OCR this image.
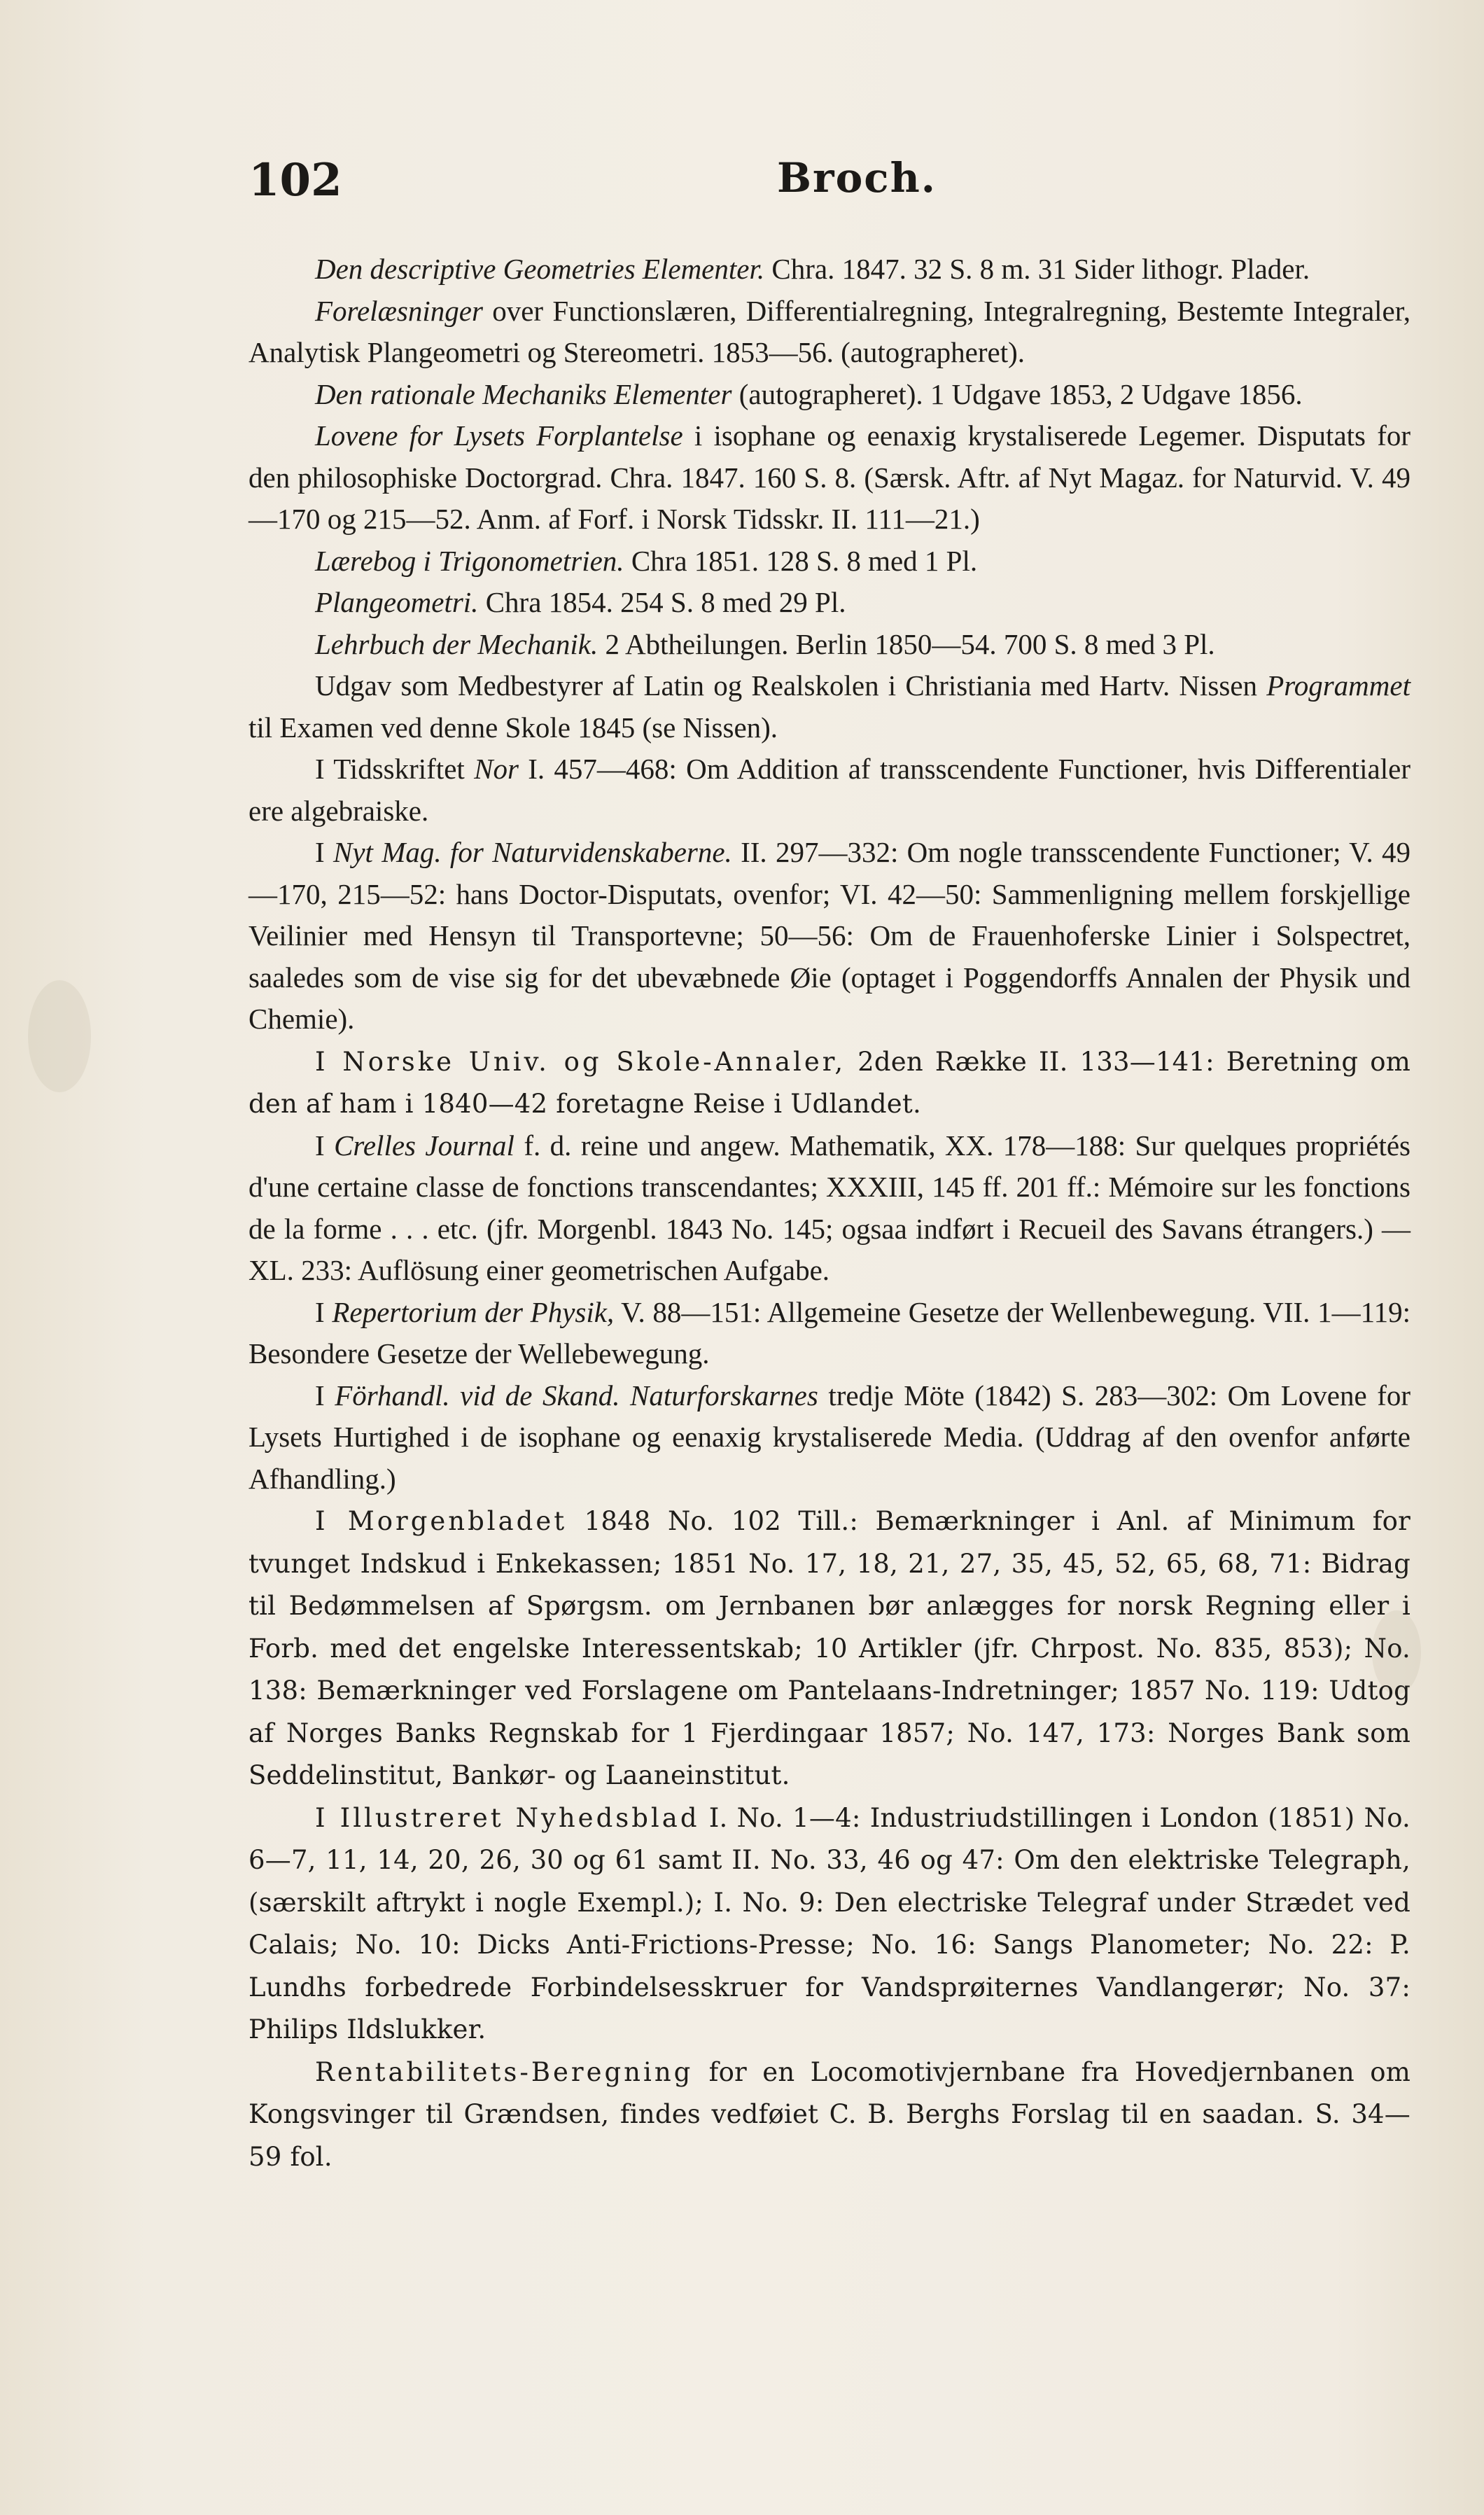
102	Broch.

Den descriptive Geometries Elementer. Chra. 1847. 32 S. 8 m. 31 Sider lithogr. Plader.

Forelæsninger over Functionslæren, Differentialregning, Integralregning, Bestemte Integraler, Analytisk Plangeometri og Stereometri. 1853—56. (autographeret).

Den rationale Mechaniks Elementer (autographeret). 1 Udgave 1853, 2 Udgave 1856.

Lovene for Lysets Forplantelse i isophane og eenaxig krystaliserede Legemer. Disputats for den philosophiske Doctorgrad. Chra. 1847. 160 S. 8. (Særsk. Aftr. af Nyt Magaz. for Naturvid. V. 49—170 og 215—52. Anm. af Forf. i Norsk Tidsskr. II. 111—21.)

Lærebog i Trigonometrien. Chra 1851. 128 S. 8 med 1 Pl.

Plangeometri. Chra 1854. 254 S. 8 med 29 Pl.

Lehrbuch der Mechanik. 2 Abtheilungen. Berlin 1850—54. 700 S. 8 med 3 Pl.

Udgav som Medbestyrer af Latin og Realskolen i Christiania med Hartv. Nissen Programmet til Examen ved denne Skole 1845 (se Nissen).

I Tidsskriftet Nor I. 457—468: Om Addition af transscendente Functioner, hvis Differentialer ere algebraiske.

I Nyt Mag. for Naturvidenskaberne. II. 297—332: Om nogle transscendente Functioner; V. 49—170, 215—52: hans Doctor-Disputats, ovenfor; VI. 42—50: Sammenligning mellem forskjellige Veilinier med Hensyn til Transportevne; 50—56: Om de Frauenhoferske Linier i Solspectret, saaledes som de vise sig for det ubevæbnede Øie (optaget i Poggendorffs Annalen der Physik und Chemie).

I Norske Univ. og Skole-Annaler, 2den Række II. 133—141: Beretning om den af ham i 1840—42 foretagne Reise i Udlandet.

I Crelles Journal f. d. reine und angew. Mathematik, XX. 178—188: Sur quelques propriétés d'une certaine classe de fonctions transcendantes; XXXIII, 145 ff. 201 ff.: Mémoire sur les fonctions de la forme . . . etc. (jfr. Morgenbl. 1843 No. 145; ogsaa indført i Recueil des Savans étrangers.) — XL. 233: Auflösung einer geometrischen Aufgabe.

I Repertorium der Physik, V. 88—151: Allgemeine Gesetze der Wellenbewegung. VII. 1—119: Besondere Gesetze der Wellebewegung.

I Förhandl. vid de Skand. Naturforskarnes tredje Möte (1842) S. 283—302: Om Lovene for Lysets Hurtighed i de isophane og eenaxig krystaliserede Media. (Uddrag af den ovenfor anførte Afhandling.)

I Morgenbladet 1848 No. 102 Till.: Bemærkninger i Anl. af Minimum for tvunget Indskud i Enkekassen; 1851 No. 17, 18, 21, 27, 35, 45, 52, 65, 68, 71: Bidrag til Bedømmelsen af Spørgsm. om Jernbanen bør anlægges for norsk Regning eller i Forb. med det engelske Interessentskab; 10 Artikler (jfr. Chrpost. No. 835, 853); No. 138: Bemærkninger ved Forslagene om Pantelaans-Indretninger; 1857 No. 119: Udtog af Norges Banks Regnskab for 1 Fjerdingaar 1857; No. 147, 173: Norges Bank som Seddelinstitut, Bankør- og Laaneinstitut.

I Illustreret Nyhedsblad I. No. 1—4: Industriudstillingen i London (1851) No. 6—7, 11, 14, 20, 26, 30 og 61 samt II. No. 33, 46 og 47: Om den elektriske Telegraph, (særskilt aftrykt i nogle Exempl.); I. No. 9: Den electriske Telegraf under Strædet ved Calais; No. 10: Dicks Anti-Frictions-Presse; No. 16: Sangs Planometer; No. 22: P. Lundhs forbedrede Forbindelsesskruer for Vandsprøiternes Vandlangerør; No. 37: Philips Ildslukker.

Rentabilitets-Beregning for en Locomotivjernbane fra Hovedjernbanen om Kongsvinger til Grændsen, findes vedføiet C. B. Berghs Forslag til en saadan. S. 34—59 fol.
